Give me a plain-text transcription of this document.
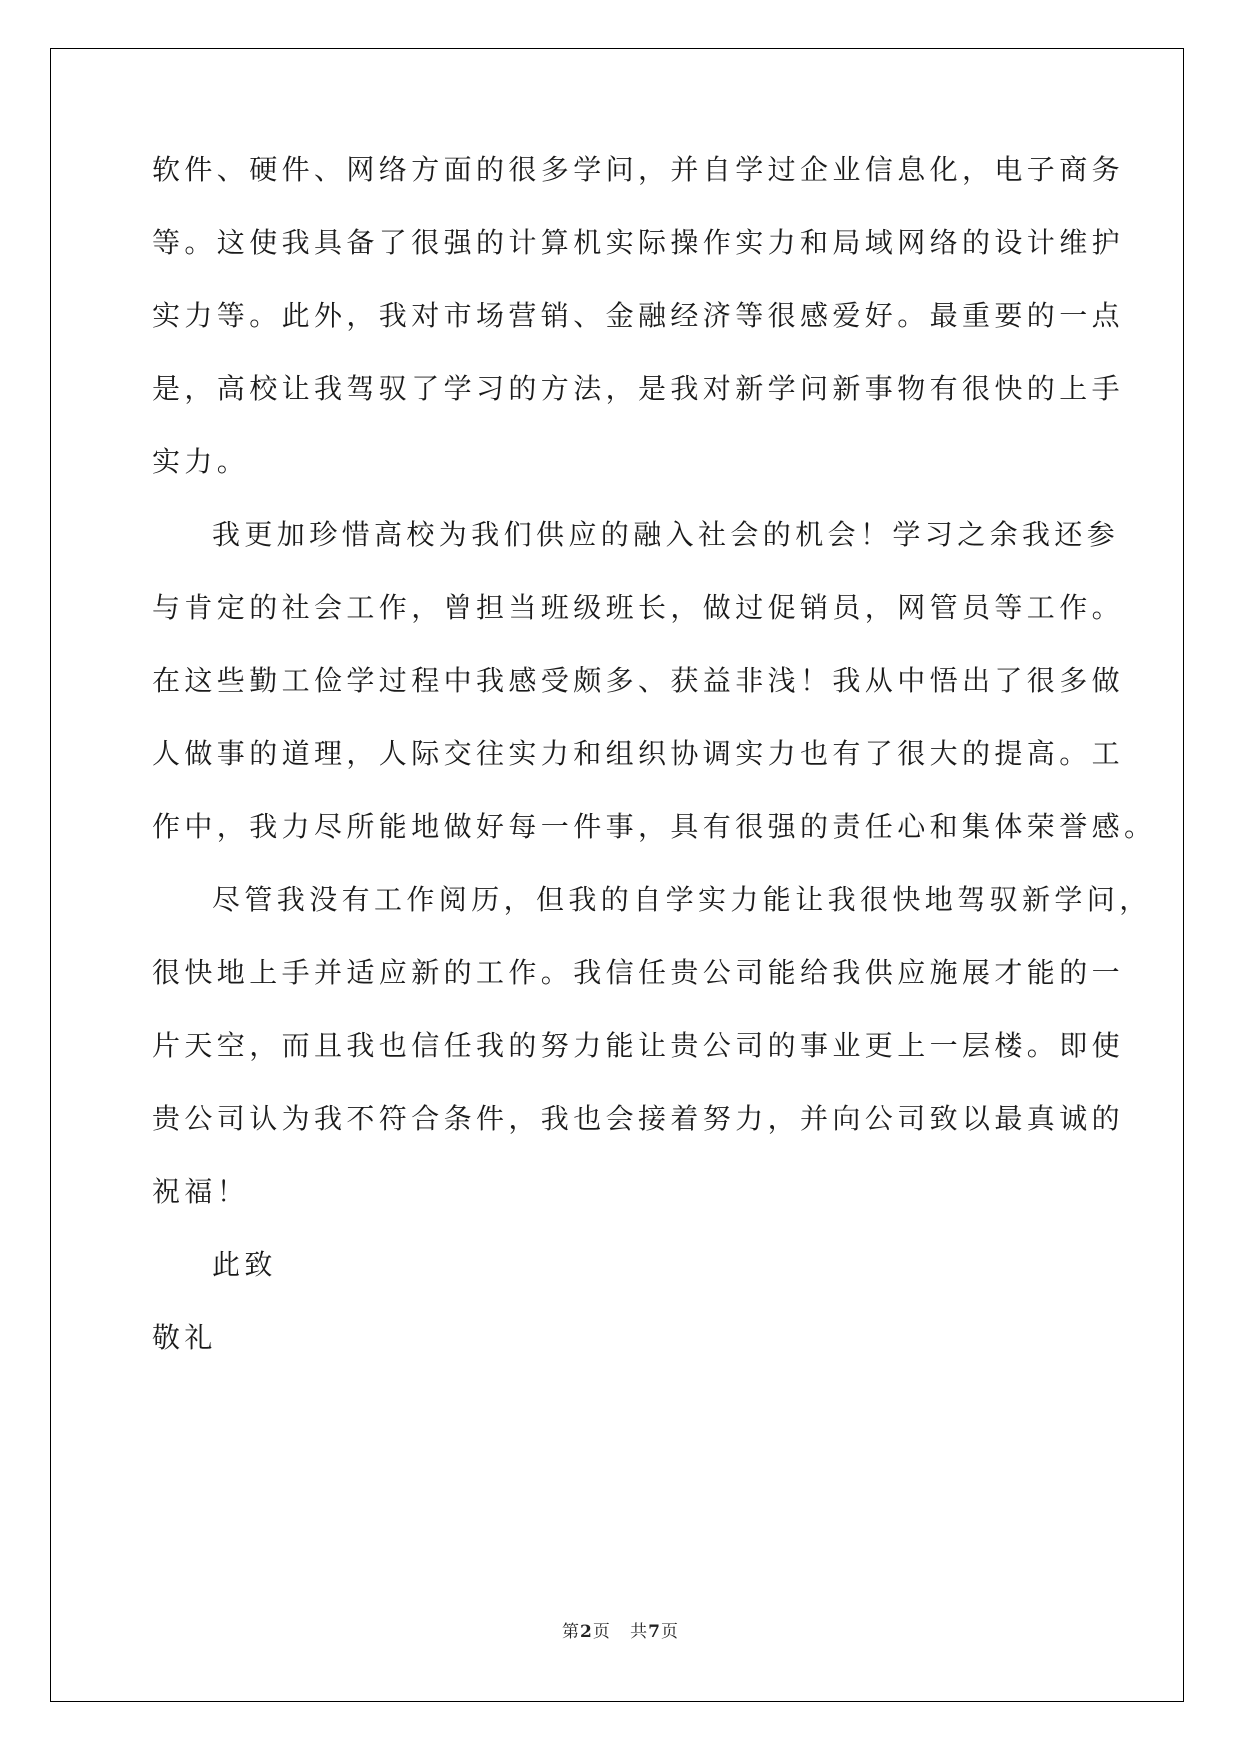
软件、硬件、网络方面的很多学问，并自学过企业信息化，电子商务
等。这使我具备了很强的计算机实际操作实力和局域网络的设计维护
实力等。此外，我对市场营销、金融经济等很感爱好。最重要的一点
是，高校让我驾驭了学习的方法，是我对新学问新事物有很快的上手
实力。
我更加珍惜高校为我们供应的融入社会的机会！学习之余我还参
与肯定的社会工作，曾担当班级班长，做过促销员，网管员等工作。
在这些勤工俭学过程中我感受颇多、获益非浅！我从中悟出了很多做
人做事的道理，人际交往实力和组织协调实力也有了很大的提高。工
作中，我力尽所能地做好每一件事，具有很强的责任心和集体荣誉感。
尽管我没有工作阅历，但我的自学实力能让我很快地驾驭新学问，
很快地上手并适应新的工作。我信任贵公司能给我供应施展才能的一
片天空，而且我也信任我的努力能让贵公司的事业更上一层楼。即使
贵公司认为我不符合条件，我也会接着努力，并向公司致以最真诚的
祝福！
此致
敬礼
第2页 共7页
